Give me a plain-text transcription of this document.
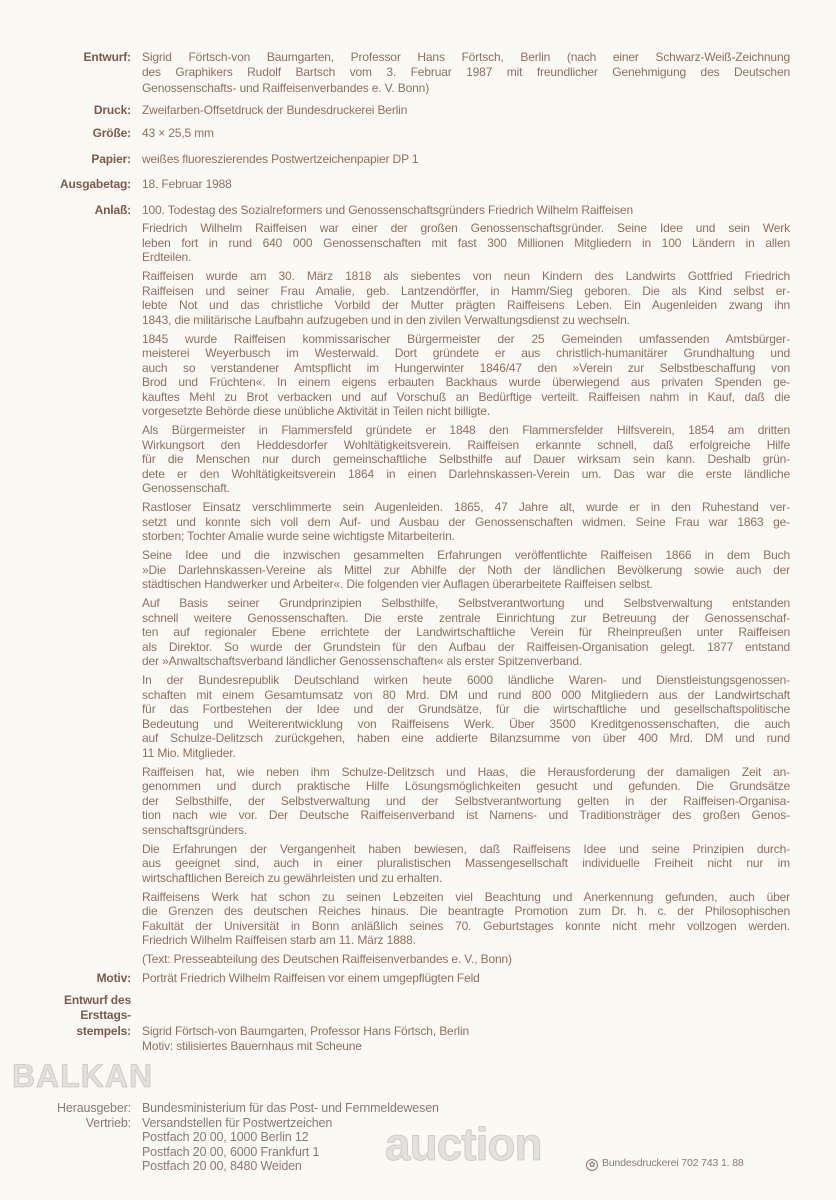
auction
BALKAN
Entwurf: Sigrid Förtsch-von Baumgarten, Professor Hans Förtsch, Berlin (nach einer Schwarz-Weiß-Zeichnung
des Graphikers Rudolf Bartsch vom 3. Februar 1987 mit freundlicher Genehmigung des Deutschen
Genossenschafts- und Raiffeisenverbandes e. V. Bonn)
Druck: Zweifarben-Offsetdruck der Bundesdruckerei Berlin
Größe: 43 × 25,5 mm
Papier: weißes fluoreszierendes Postwertzeichenpapier DP 1
Ausgabetag: 18. Februar 1988
Anlaß: 100. Todestag des Sozialreformers und Genossenschaftsgründers Friedrich Wilhelm Raiffeisen
Friedrich Wilhelm Raiffeisen war einer der großen Genossenschaftsgründer. Seine Idee und sein Werk
leben fort in rund 640 000 Genossenschaften mit fast 300 Millionen Mitgliedern in 100 Ländern in allen
Erdteilen.
Raiffeisen wurde am 30. März 1818 als siebentes von neun Kindern des Landwirts Gottfried Friedrich
Raiffeisen und seiner Frau Amalie, geb. Lantzendörffer, in Hamm/Sieg geboren. Die als Kind selbst er-
lebte Not und das christliche Vorbild der Mutter prägten Raiffeisens Leben. Ein Augenleiden zwang ihn
1843, die militärische Laufbahn aufzugeben und in den zivilen Verwaltungsdienst zu wechseln.
1845 wurde Raiffeisen kommissarischer Bürgermeister der 25 Gemeinden umfassenden Amtsbürger-
meisterei Weyerbusch im Westerwald. Dort gründete er aus christlich-humanitärer Grundhaltung und
auch so verstandener Amtspflicht im Hungerwinter 1846/47 den »Verein zur Selbstbeschaffung von
Brod und Früchten«. In einem eigens erbauten Backhaus wurde überwiegend aus privaten Spenden ge-
kauftes Mehl zu Brot verbacken und auf Vorschuß an Bedürftige verteilt. Raiffeisen nahm in Kauf, daß die
vorgesetzte Behörde diese unübliche Aktivität in Teilen nicht billigte.
Als Bürgermeister in Flammersfeld gründete er 1848 den Flammersfelder Hilfsverein, 1854 am dritten
Wirkungsort den Heddesdorfer Wohltätigkeitsverein. Raiffeisen erkannte schnell, daß erfolgreiche Hilfe
für die Menschen nur durch gemeinschaftliche Selbsthilfe auf Dauer wirksam sein kann. Deshalb grün-
dete er den Wohltätigkeitsverein 1864 in einen Darlehnskassen-Verein um. Das war die erste ländliche
Genossenschaft.
Rastloser Einsatz verschlimmerte sein Augenleiden. 1865, 47 Jahre alt, wurde er in den Ruhestand ver-
setzt und konnte sich voll dem Auf- und Ausbau der Genossenschaften widmen. Seine Frau war 1863 ge-
storben; Tochter Amalie wurde seine wichtigste Mitarbeiterin.
Seine Idee und die inzwischen gesammelten Erfahrungen veröffentlichte Raiffeisen 1866 in dem Buch
»Die Darlehnskassen-Vereine als Mittel zur Abhilfe der Noth der ländlichen Bevölkerung sowie auch der
städtischen Handwerker und Arbeiter«. Die folgenden vier Auflagen überarbeitete Raiffeisen selbst.
Auf Basis seiner Grundprinzipien Selbsthilfe, Selbstverantwortung und Selbstverwaltung entstanden
schnell weitere Genossenschaften. Die erste zentrale Einrichtung zur Betreuung der Genossenschaf-
ten auf regionaler Ebene errichtete der Landwirtschaftliche Verein für Rheinpreußen unter Raiffeisen
als Direktor. So wurde der Grundstein für den Aufbau der Raiffeisen-Organisation gelegt. 1877 entstand
der »Anwaltschaftsverband ländlicher Genossenschaften« als erster Spitzenverband.
In der Bundesrepublik Deutschland wirken heute 6000 ländliche Waren- und Dienstleistungsgenossen-
schaften mit einem Gesamtumsatz von 80 Mrd. DM und rund 800 000 Mitgliedern aus der Landwirtschaft
für das Fortbestehen der Idee und der Grundsätze, für die wirtschaftliche und gesellschaftspolitische
Bedeutung und Weiterentwicklung von Raiffeisens Werk. Über 3500 Kreditgenossenschaften, die auch
auf Schulze-Delitzsch zurückgehen, haben eine addierte Bilanzsumme von über 400 Mrd. DM und rund
11 Mio. Mitglieder.
Raiffeisen hat, wie neben ihm Schulze-Delitzsch und Haas, die Herausforderung der damaligen Zeit an-
genommen und durch praktische Hilfe Lösungsmöglichkeiten gesucht und gefunden. Die Grundsätze
der Selbsthilfe, der Selbstverwaltung und der Selbstverantwortung gelten in der Raiffeisen-Organisa-
tion nach wie vor. Der Deutsche Raiffeisenverband ist Namens- und Traditionsträger des großen Genos-
senschaftsgründers.
Die Erfahrungen der Vergangenheit haben bewiesen, daß Raiffeisens Idee und seine Prinzipien durch-
aus geeignet sind, auch in einer pluralistischen Massengesellschaft individuelle Freiheit nicht nur im
wirtschaftlichen Bereich zu gewährleisten und zu erhalten.
Raiffeisens Werk hat schon zu seinen Lebzeiten viel Beachtung und Anerkennung gefunden, auch über
die Grenzen des deutschen Reiches hinaus. Die beantragte Promotion zum Dr. h. c. der Philosophischen
Fakultät der Universität in Bonn anläßlich seines 70. Geburtstages konnte nicht mehr vollzogen werden.
Friedrich Wilhelm Raiffeisen starb am 11. März 1888.
(Text: Presseabteilung des Deutschen Raiffeisenverbandes e. V., Bonn)
Motiv: Porträt Friedrich Wilhelm Raiffeisen vor einem umgepflügten Feld
Entwurf des
Ersttags-
stempels: Sigrid Förtsch-von Baumgarten, Professor Hans Förtsch, Berlin
Motiv: stilisiertes Bauernhaus mit Scheune
Herausgeber:
Vertrieb:
Bundesministerium für das Post- und Fernmeldewesen
Versandstellen für Postwertzeichen
Postfach 20 00, 1000 Berlin 12
Postfach 20 00, 6000 Frankfurt 1
Postfach 20 00, 8480 Weiden	✿ Bundesdruckerei 702 743 1. 88
